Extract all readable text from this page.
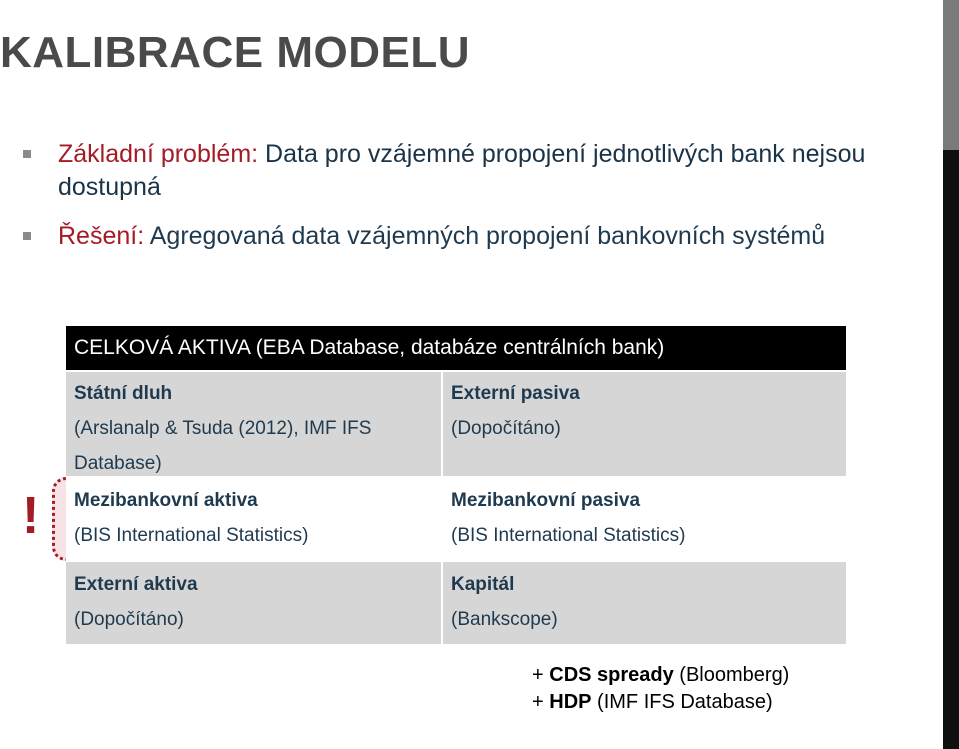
KALIBRACE MODELU
Základní problém: Data pro vzájemné propojení jednotlivých bank nejsou dostupná
Řešení: Agregovaná data vzájemných propojení bankovních systémů
!
CELKOVÁ AKTIVA (EBA Database, databáze centrálních bank)
Státní dluh
(Arslanalp & Tsuda (2012), IMF IFS Database)
Externí pasiva
(Dopočítáno)
Mezibankovní aktiva
(BIS International Statistics)
Mezibankovní pasiva
(BIS International Statistics)
Externí aktiva
(Dopočítáno)
Kapitál
(Bankscope)
+ CDS spready (Bloomberg)
+ HDP (IMF IFS Database)
